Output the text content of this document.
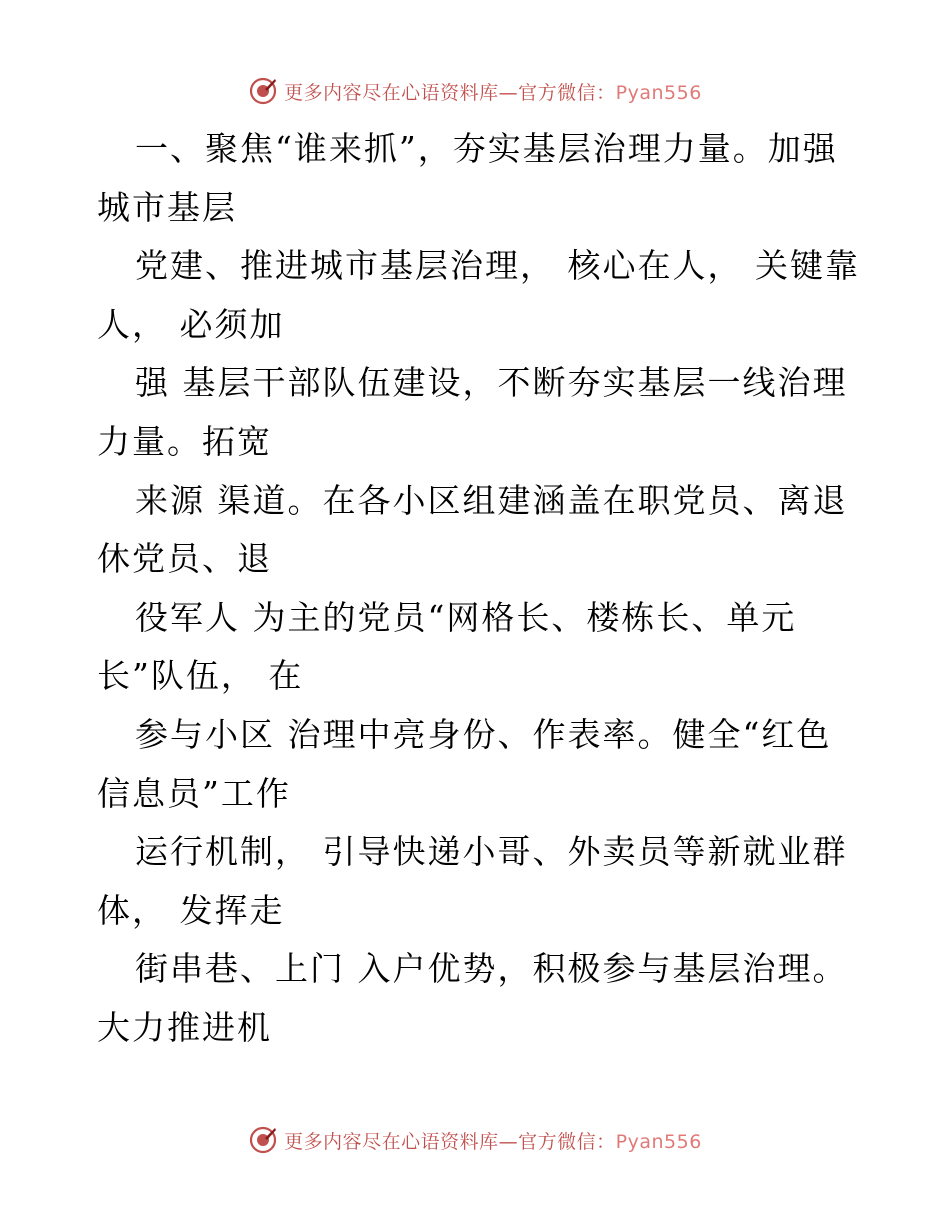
更多内容尽在心语资料库—官方微信：Pyan556
一、聚焦“谁来抓”，夯实基层治理力量。加强
城市基层
党建、推进城市基层治理， 核心在人， 关键靠
人， 必须加
强 基层干部队伍建设，不断夯实基层一线治理
力量。拓宽
来源 渠道。在各小区组建涵盖在职党员、离退
休党员、退
役军人 为主的党员“网格长、楼栋长、单元
长”队伍， 在
参与小区 治理中亮身份、作表率。健全“红色
信息员”工作
运行机制， 引导快递小哥、外卖员等新就业群
体， 发挥走
街串巷、上门 入户优势，积极参与基层治理。
大力推进机
更多内容尽在心语资料库—官方微信：Pyan556
